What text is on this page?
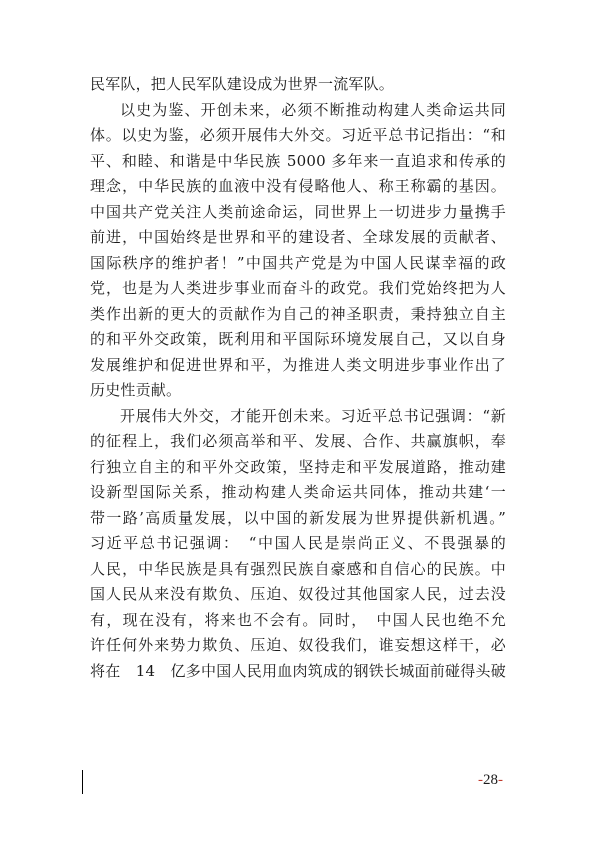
民军队，把人民军队建设成为世界一流军队。
以史为鉴、开创未来，必须不断推动构建人类命运共同
体。以史为鉴，必须开展伟大外交。习近平总书记指出：“和
平、和睦、和谐是中华民族 5000 多年来一直追求和传承的
理念，中华民族的血液中没有侵略他人、称王称霸的基因。
中国共产党关注人类前途命运，同世界上一切进步力量携手
前进，中国始终是世界和平的建设者、全球发展的贡献者、
国际秩序的维护者！”中国共产党是为中国人民谋幸福的政
党，也是为人类进步事业而奋斗的政党。我们党始终把为人
类作出新的更大的贡献作为自己的神圣职责，秉持独立自主
的和平外交政策，既利用和平国际环境发展自己，又以自身
发展维护和促进世界和平，为推进人类文明进步事业作出了
历史性贡献。
开展伟大外交，才能开创未来。习近平总书记强调：“新
的征程上，我们必须高举和平、发展、合作、共赢旗帜，奉
行独立自主的和平外交政策，坚持走和平发展道路，推动建
设新型国际关系，推动构建人类命运共同体，推动共建‘一
带一路’高质量发展，以中国的新发展为世界提供新机遇。”
习近平总书记强调：　“中国人民是崇尚正义、不畏强暴的
人民，中华民族是具有强烈民族自豪感和自信心的民族。中
国人民从来没有欺负、压迫、奴役过其他国家人民，过去没
有，现在没有，将来也不会有。同时，　中国人民也绝不允
许任何外来势力欺负、压迫、奴役我们，谁妄想这样干，必
将在　14　亿多中国人民用血肉筑成的钢铁长城面前碰得头破
-28-
